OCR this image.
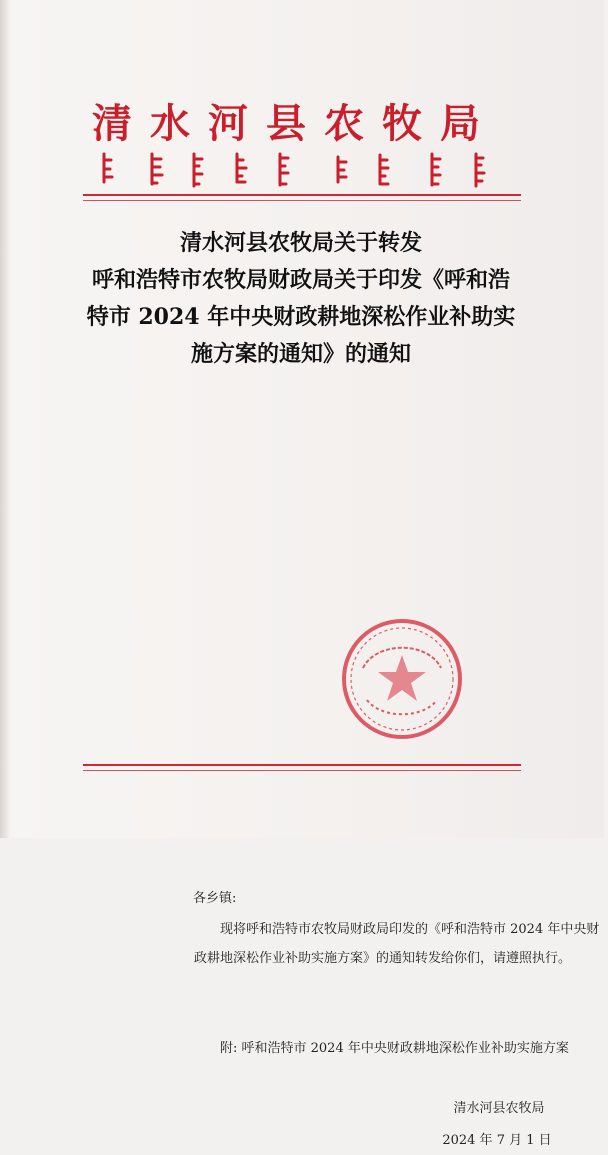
清水河县农牧局
清水河县农牧局关于转发
呼和浩特市农牧局财政局关于印发《呼和浩
特市 2024 年中央财政耕地深松作业补助实
施方案的通知》的通知
各乡镇:
现将呼和浩特市农牧局财政局印发的《呼和浩特市 2024 年中央财政耕地深松作业补助实施方案》的通知转发给你们，请遵照执行。
附: 呼和浩特市 2024 年中央财政耕地深松作业补助实施方案
清水河县农牧局
2024 年 7 月 1 日
